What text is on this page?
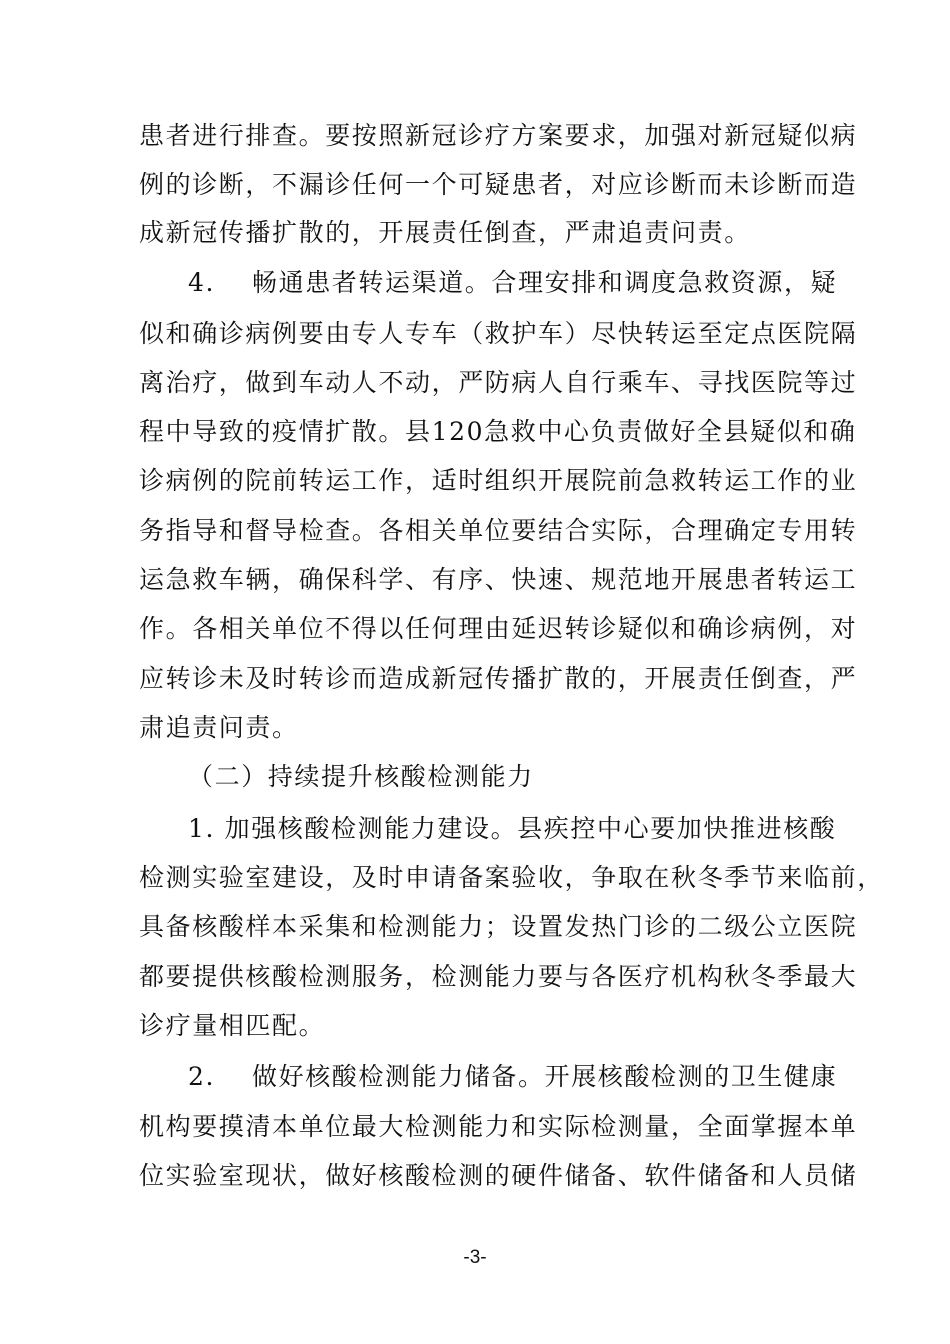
患者进行排查。要按照新冠诊疗方案要求，加强对新冠疑似病
例的诊断，不漏诊任何一个可疑患者，对应诊断而未诊断而造
成新冠传播扩散的，开展责任倒查，严肃追责问责。
4. 畅通患者转运渠道。合理安排和调度急救资源，疑
似和确诊病例要由专人专车（救护车）尽快转运至定点医院隔
离治疗，做到车动人不动，严防病人自行乘车、寻找医院等过
程中导致的疫情扩散。县120急救中心负责做好全县疑似和确
诊病例的院前转运工作，适时组织开展院前急救转运工作的业
务指导和督导检查。各相关单位要结合实际，合理确定专用转
运急救车辆，确保科学、有序、快速、规范地开展患者转运工
作。各相关单位不得以任何理由延迟转诊疑似和确诊病例，对
应转诊未及时转诊而造成新冠传播扩散的，开展责任倒查，严
肃追责问责。
（二）持续提升核酸检测能力
1. 加强核酸检测能力建设。县疾控中心要加快推进核酸
检测实验室建设，及时申请备案验收，争取在秋冬季节来临前，
具备核酸样本采集和检测能力；设置发热门诊的二级公立医院
都要提供核酸检测服务，检测能力要与各医疗机构秋冬季最大
诊疗量相匹配。
2. 做好核酸检测能力储备。开展核酸检测的卫生健康
机构要摸清本单位最大检测能力和实际检测量，全面掌握本单
位实验室现状，做好核酸检测的硬件储备、软件储备和人员储
-3-
